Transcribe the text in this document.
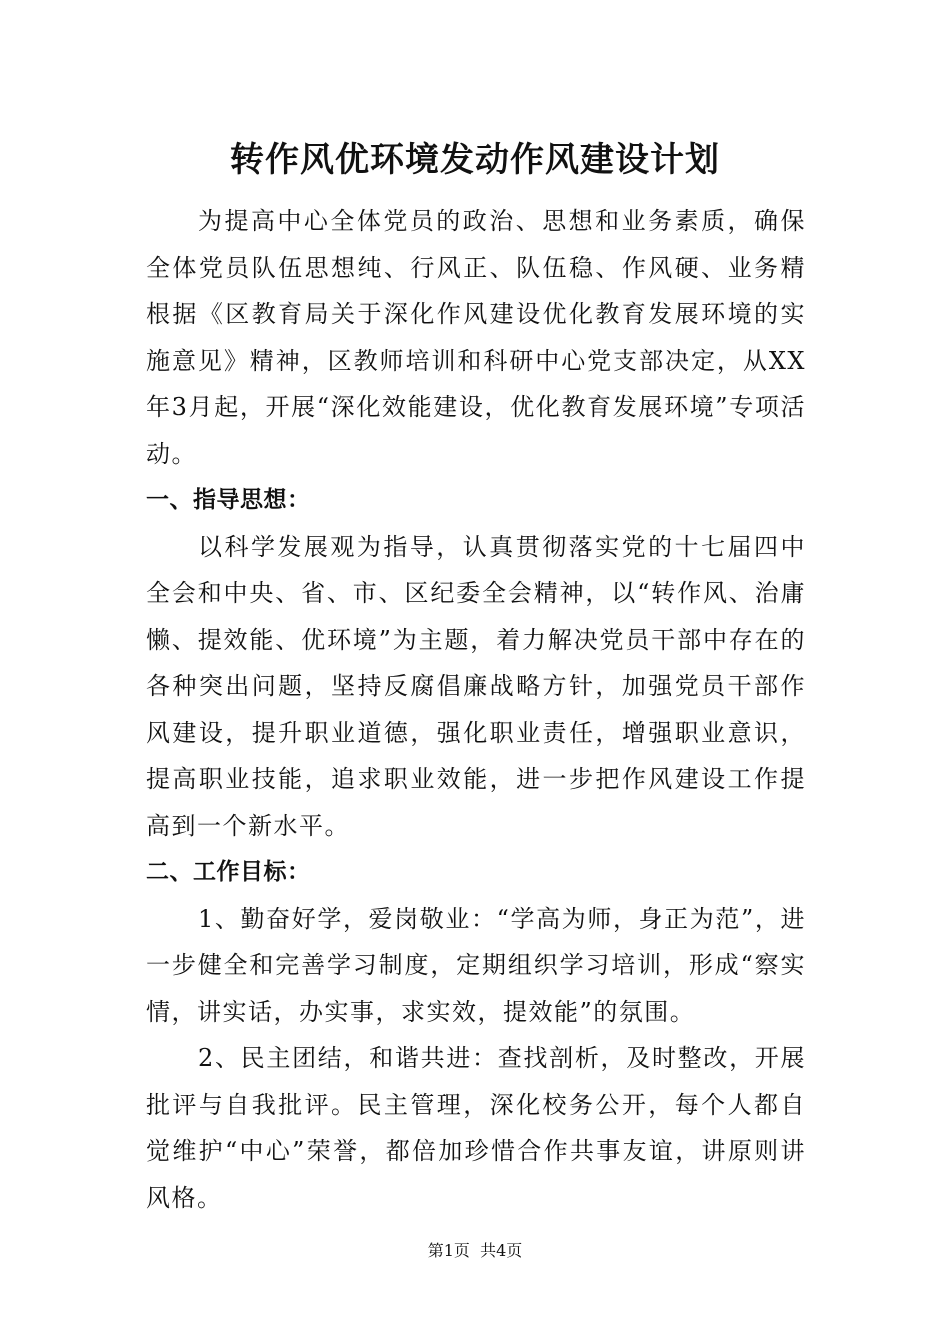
转作风优环境发动作风建设计划

为提高中心全体党员的政治、思想和业务素质，确保全体党员队伍思想纯、行风正、队伍稳、作风硬、业务精根据《区教育局关于深化作风建设优化教育发展环境的实施意见》精神，区教师培训和科研中心党支部决定，从XX年3月起，开展“深化效能建设，优化教育发展环境”专项活动。

一、指导思想：

以科学发展观为指导，认真贯彻落实党的十七届四中全会和中央、省、市、区纪委全会精神，以“转作风、治庸懒、提效能、优环境”为主题，着力解决党员干部中存在的各种突出问题，坚持反腐倡廉战略方针，加强党员干部作风建设，提升职业道德，强化职业责任，增强职业意识，提高职业技能，追求职业效能，进一步把作风建设工作提高到一个新水平。

二、工作目标：

1、勤奋好学，爱岗敬业：“学高为师，身正为范”，进一步健全和完善学习制度，定期组织学习培训，形成“察实情，讲实话，办实事，求实效，提效能”的氛围。

2、民主团结，和谐共进：查找剖析，及时整改，开展批评与自我批评。民主管理，深化校务公开，每个人都自觉维护“中心”荣誉，都倍加珍惜合作共事友谊，讲原则讲风格。

第1页  共4页
